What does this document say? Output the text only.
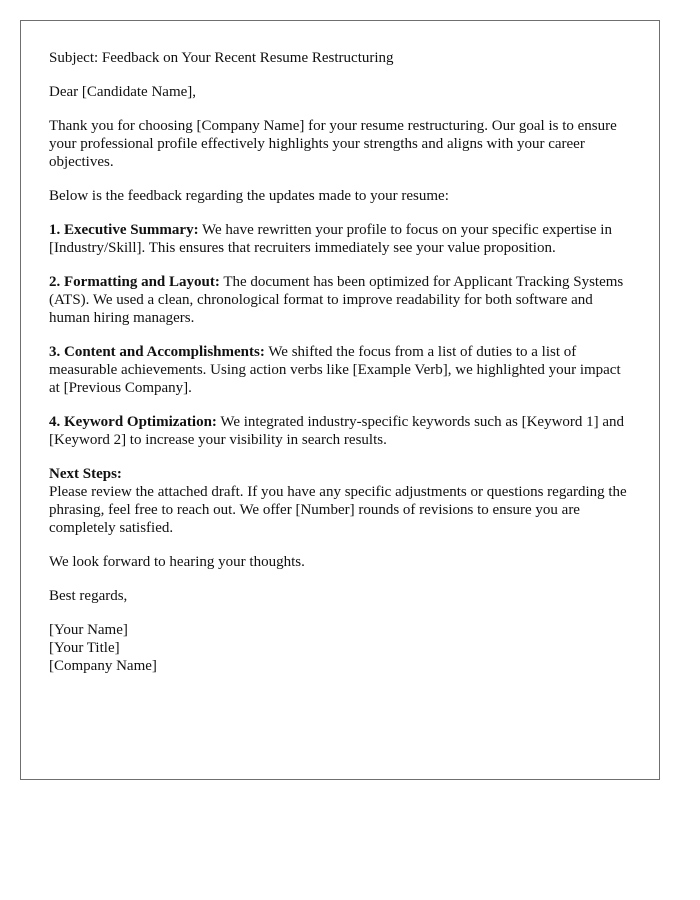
Subject: Feedback on Your Recent Resume Restructuring

Dear [Candidate Name],

Thank you for choosing [Company Name] for your resume restructuring. Our goal is to ensure your professional profile effectively highlights your strengths and aligns with your career objectives.

Below is the feedback regarding the updates made to your resume:

1. Executive Summary: We have rewritten your profile to focus on your specific expertise in [Industry/Skill]. This ensures that recruiters immediately see your value proposition.

2. Formatting and Layout: The document has been optimized for Applicant Tracking Systems (ATS). We used a clean, chronological format to improve readability for both software and human hiring managers.

3. Content and Accomplishments: We shifted the focus from a list of duties to a list of measurable achievements. Using action verbs like [Example Verb], we highlighted your impact at [Previous Company].

4. Keyword Optimization: We integrated industry-specific keywords such as [Keyword 1] and [Keyword 2] to increase your visibility in search results.

Next Steps:
Please review the attached draft. If you have any specific adjustments or questions regarding the phrasing, feel free to reach out. We offer [Number] rounds of revisions to ensure you are completely satisfied.

We look forward to hearing your thoughts.

Best regards,

[Your Name]
[Your Title]
[Company Name]
